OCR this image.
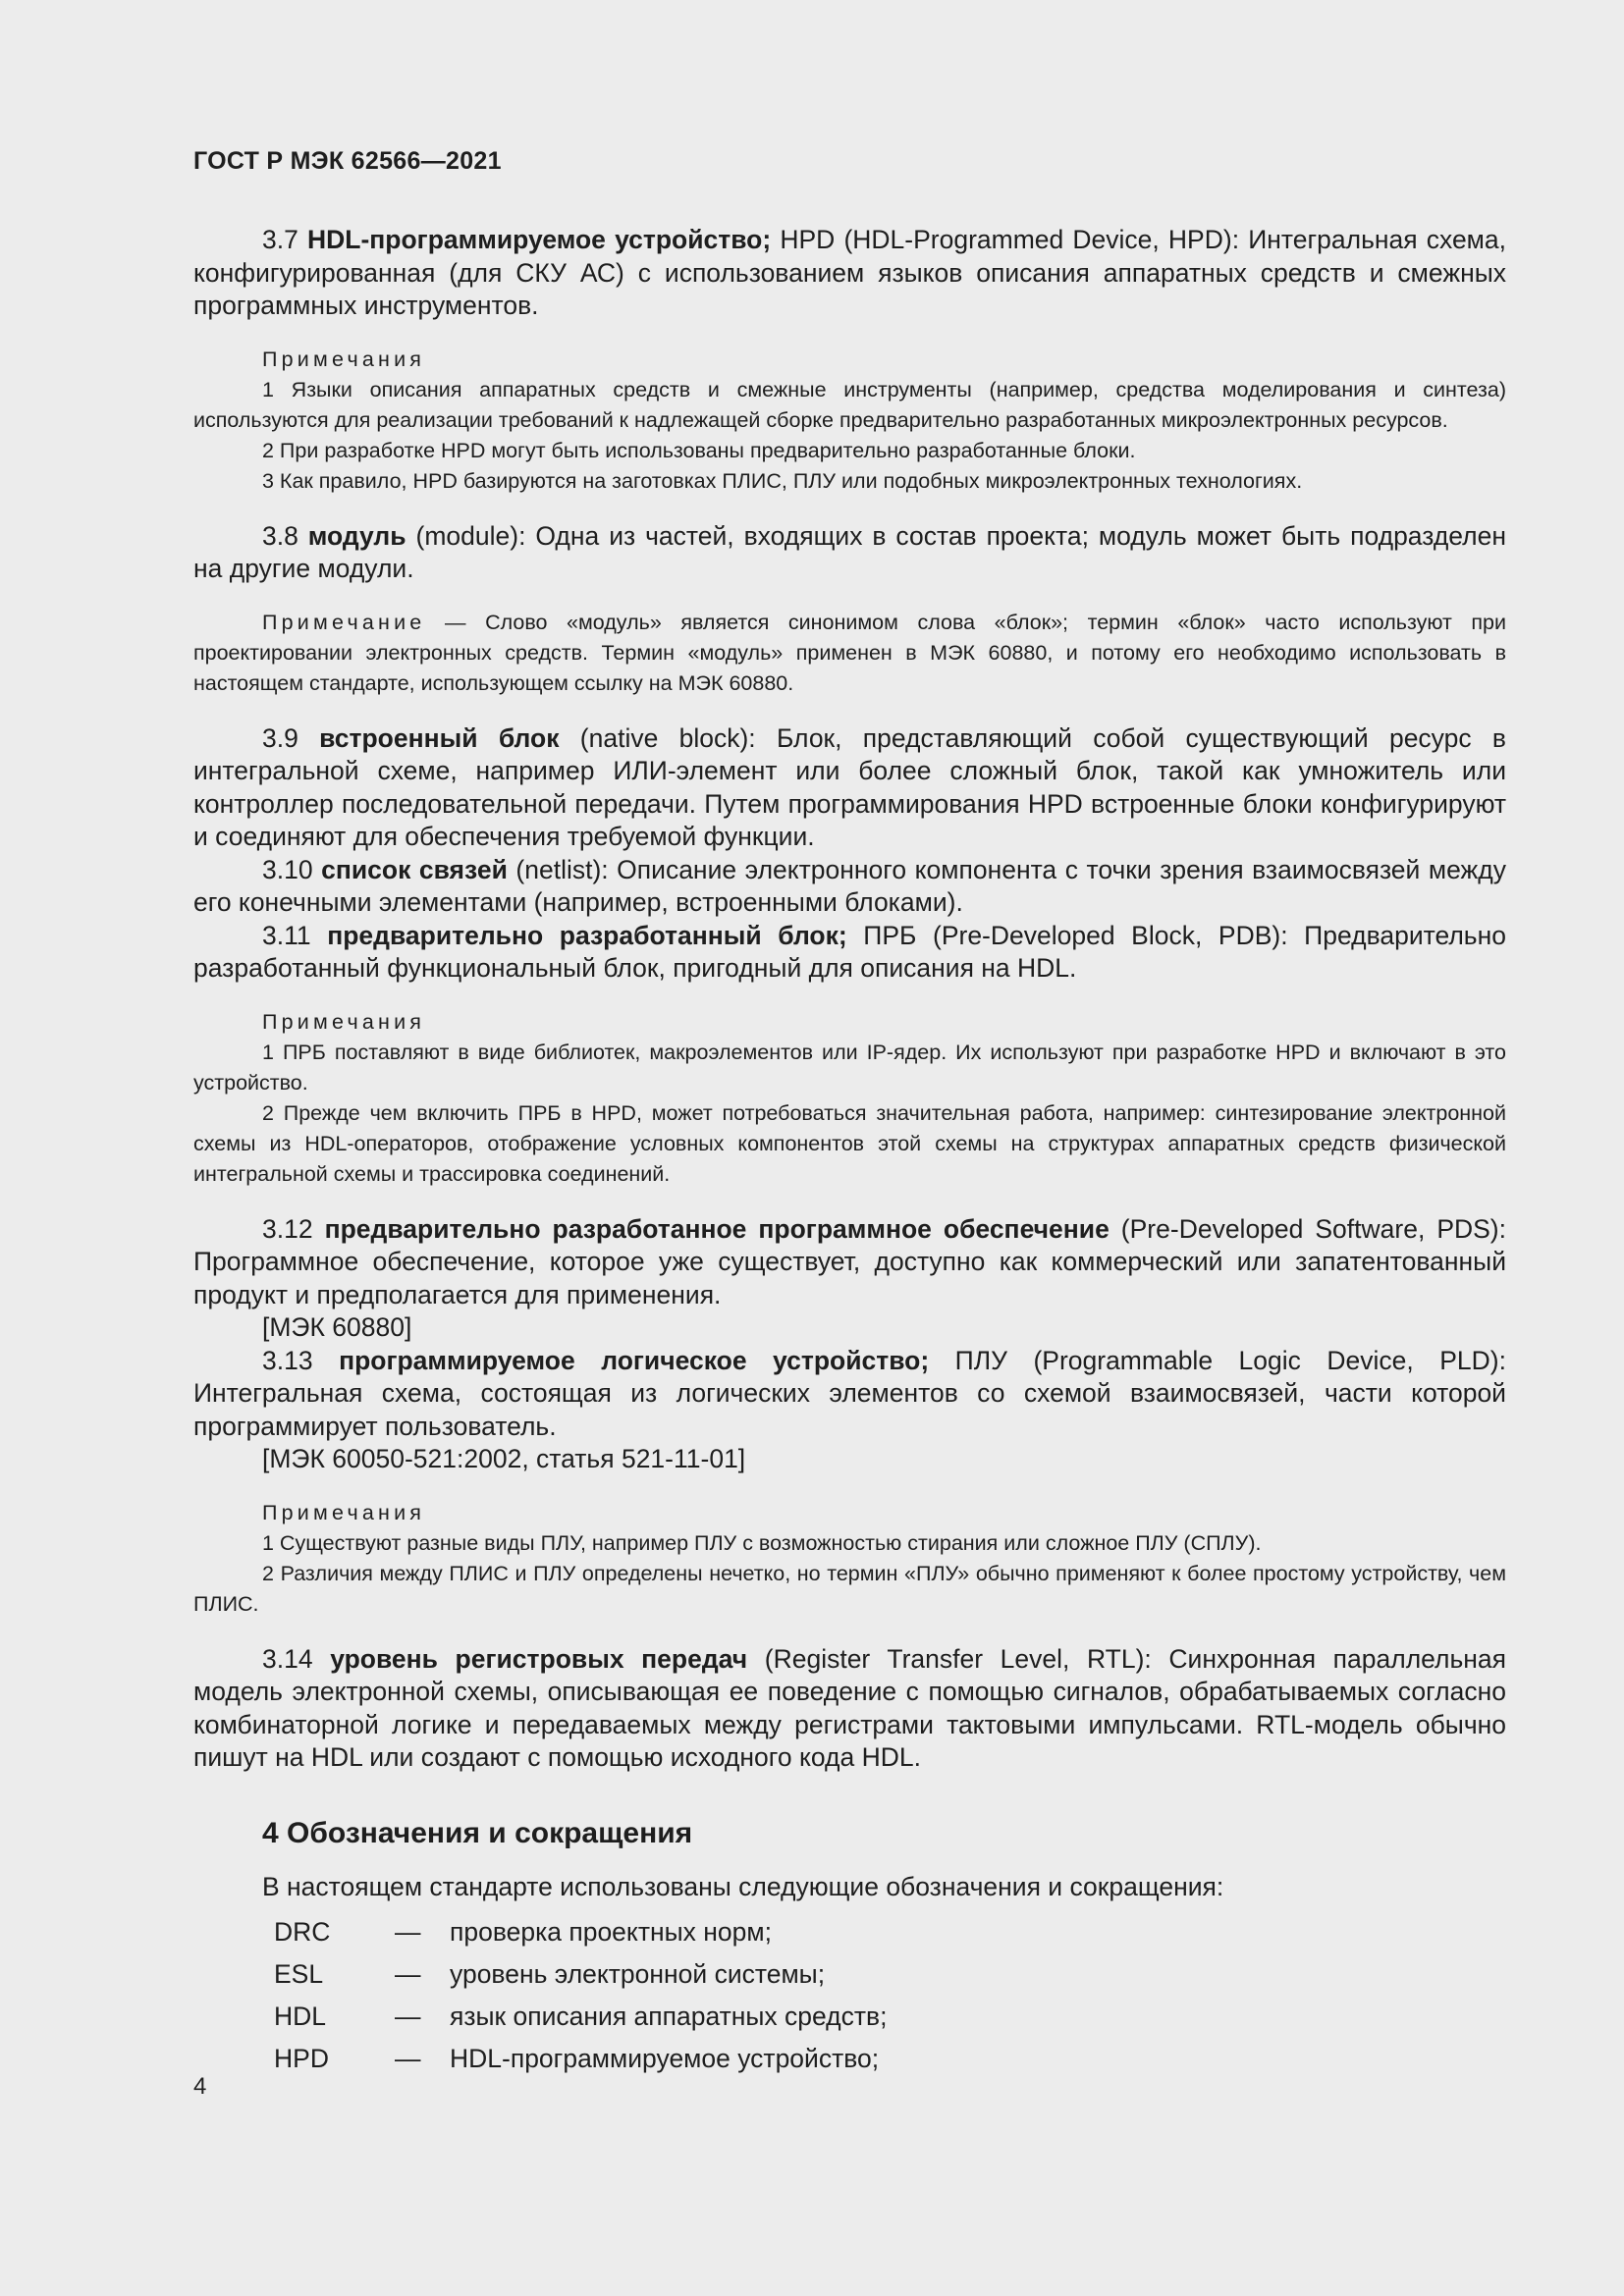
ГОСТ Р МЭК 62566—2021

3.7 HDL-программируемое устройство; HPD (HDL-Programmed Device, HPD): Интегральная схема, конфигурированная (для СКУ АС) с использованием языков описания аппаратных средств и смежных программных инструментов.

Примечания

1 Языки описания аппаратных средств и смежные инструменты (например, средства моделирования и синтеза) используются для реализации требований к надлежащей сборке предварительно разработанных микроэлектронных ресурсов.

2 При разработке HPD могут быть использованы предварительно разработанные блоки.

3 Как правило, HPD базируются на заготовках ПЛИС, ПЛУ или подобных микроэлектронных технологиях.

3.8 модуль (module): Одна из частей, входящих в состав проекта; модуль может быть подразделен на другие модули.

Примечание — Слово «модуль» является синонимом слова «блок»; термин «блок» часто используют при проектировании электронных средств. Термин «модуль» применен в МЭК 60880, и потому его необходимо использовать в настоящем стандарте, использующем ссылку на МЭК 60880.

3.9 встроенный блок (native block): Блок, представляющий собой существующий ресурс в интегральной схеме, например ИЛИ-элемент или более сложный блок, такой как умножитель или контроллер последовательной передачи. Путем программирования HPD встроенные блоки конфигурируют и соединяют для обеспечения требуемой функции.

3.10 список связей (netlist): Описание электронного компонента с точки зрения взаимосвязей между его конечными элементами (например, встроенными блоками).

3.11 предварительно разработанный блок; ПРБ (Pre-Developed Block, PDB): Предварительно разработанный функциональный блок, пригодный для описания на HDL.

Примечания

1 ПРБ поставляют в виде библиотек, макроэлементов или IP-ядер. Их используют при разработке HPD и включают в это устройство.

2 Прежде чем включить ПРБ в HPD, может потребоваться значительная работа, например: синтезирование электронной схемы из HDL-операторов, отображение условных компонентов этой схемы на структурах аппаратных средств физической интегральной схемы и трассировка соединений.

3.12 предварительно разработанное программное обеспечение (Pre-Developed Software, PDS): Программное обеспечение, которое уже существует, доступно как коммерческий или запатентованный продукт и предполагается для применения.

[МЭК 60880]

3.13 программируемое логическое устройство; ПЛУ (Programmable Logic Device, PLD): Интегральная схема, состоящая из логических элементов со схемой взаимосвязей, части которой программирует пользователь.

[МЭК 60050-521:2002, статья 521-11-01]

Примечания

1 Существуют разные виды ПЛУ, например ПЛУ с возможностью стирания или сложное ПЛУ (СПЛУ).

2 Различия между ПЛИС и ПЛУ определены нечетко, но термин «ПЛУ» обычно применяют к более простому устройству, чем ПЛИС.

3.14 уровень регистровых передач (Register Transfer Level, RTL): Синхронная параллельная модель электронной схемы, описывающая ее поведение с помощью сигналов, обрабатываемых согласно комбинаторной логике и передаваемых между регистрами тактовыми импульсами. RTL-модель обычно пишут на HDL или создают с помощью исходного кода HDL.

4 Обозначения и сокращения

В настоящем стандарте использованы следующие обозначения и сокращения:

DRC	—	проверка проектных норм;
ESL	—	уровень электронной системы;
HDL	—	язык описания аппаратных средств;
HPD	—	HDL-программируемое устройство;
4
